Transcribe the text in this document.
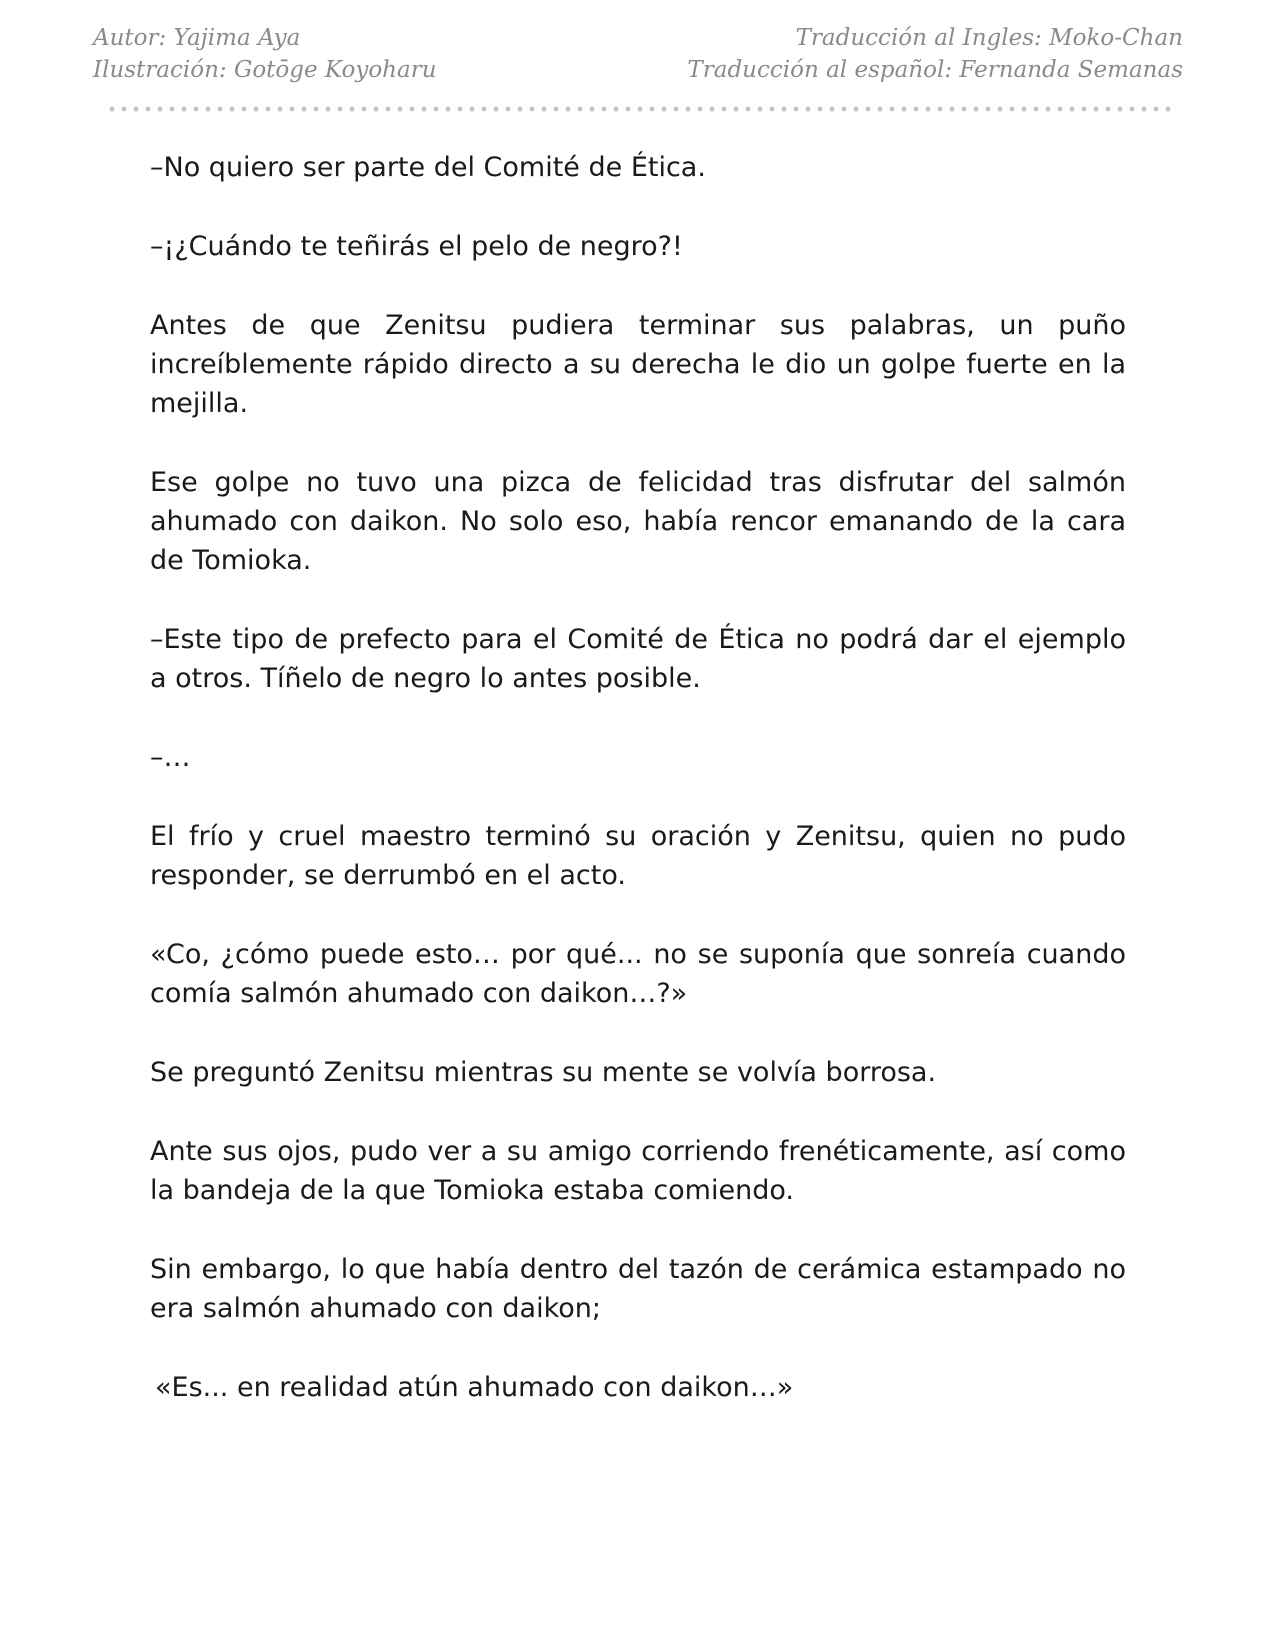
Autor: Yajima Aya	Traducción al Ingles: Moko-Chan
Ilustración: Gotōge Koyoharu	Traducción al español: Fernanda Semanas

–No quiero ser parte del Comité de Ética.

–¡¿Cuándo te teñirás el pelo de negro?!

Antes de que Zenitsu pudiera terminar sus palabras, un puño increíblemente rápido directo a su derecha le dio un golpe fuerte en la mejilla.

Ese golpe no tuvo una pizca de felicidad tras disfrutar del salmón ahumado con daikon. No solo eso, había rencor emanando de la cara de Tomioka.

–Este tipo de prefecto para el Comité de Ética no podrá dar el ejemplo a otros. Tíñelo de negro lo antes posible.

–…

El frío y cruel maestro terminó su oración y Zenitsu, quien no pudo responder, se derrumbó en el acto.

«Co, ¿cómo puede esto… por qué... no se suponía que sonreía cuando comía salmón ahumado con daikon…?»

Se preguntó Zenitsu mientras su mente se volvía borrosa.

Ante sus ojos, pudo ver a su amigo corriendo frenéticamente, así como la bandeja de la que Tomioka estaba comiendo.

Sin embargo, lo que había dentro del tazón de cerámica estampado no era salmón ahumado con daikon;

«Es... en realidad atún ahumado con daikon…»
